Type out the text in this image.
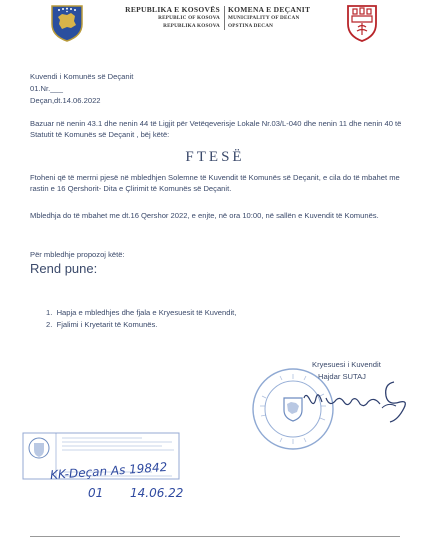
REPUBLIKA E KOSOVËS
REPUBLIC OF KOSOVA
REPUBLIKA KOSOVA
KOMENA E DEÇANIT
MUNICIPALITY OF DECAN
OPSTINA DECAN
Kuvendi i Komunës së Deçanit
01.Nr.___
Deçan,dt.14.06.2022
Bazuar në nenin 43.1 dhe nenin 44 të Ligjit për Vetëqeverisje Lokale Nr.03/L-040 dhe nenin 11 dhe nenin 40 të Statutit të Komunës së Deçanit , bëj këtë:
FTESË
Ftoheni që të merrni pjesë në mbledhjen Solemne të Kuvendit të Komunës së Deçanit, e cila do të mbahet me rastin e 16 Qershorit- Dita e Çlirimit të Komunës së Deçanit.
Mbledhja do të mbahet me dt.16 Qershor 2022, e enjte, në ora 10:00, në sallën e Kuvendit të Komunës.
Për mbledhje propozoj këtë:
Rend pune:
1.  Hapja e mbledhjes dhe fjala e Kryesuesit të Kuvendit,
2.  Fjalimi i Kryetarit të Komunës.
Kryesuesi i Kuvendit
Hajdar SUTAJ
KK-Deçan As 19842
01 14.06.22
